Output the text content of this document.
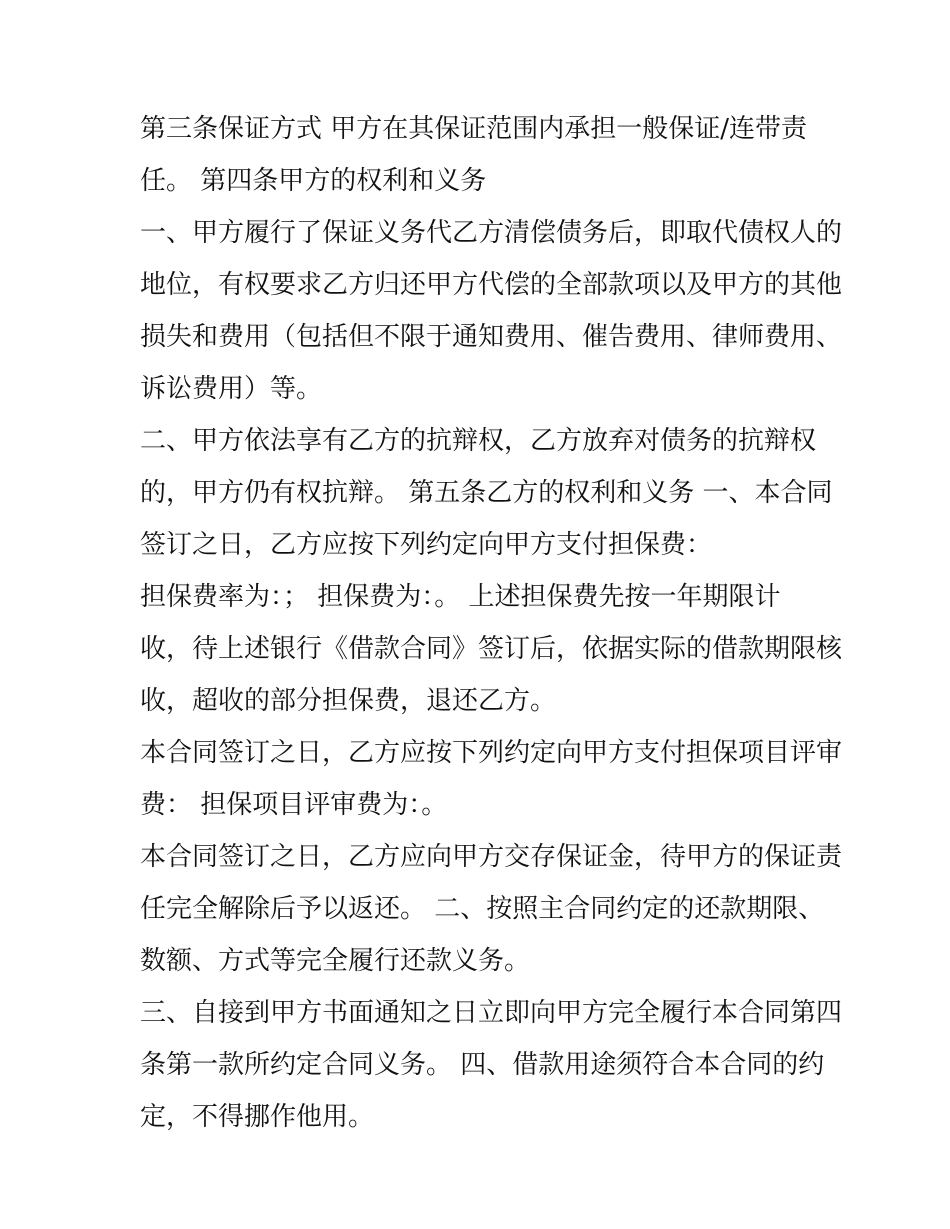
第三条保证方式 甲方在其保证范围内承担一般保证/连带责

任。 第四条甲方的权利和义务

一、甲方履行了保证义务代乙方清偿债务后，即取代债权人的

地位，有权要求乙方归还甲方代偿的全部款项以及甲方的其他

损失和费用（包括但不限于通知费用、催告费用、律师费用、

诉讼费用）等。

二、甲方依法享有乙方的抗辩权，乙方放弃对债务的抗辩权

的，甲方仍有权抗辩。 第五条乙方的权利和义务 一、本合同

签订之日，乙方应按下列约定向甲方支付担保费：

担保费率为：； 担保费为：。 上述担保费先按一年期限计

收，待上述银行《借款合同》签订后，依据实际的借款期限核

收，超收的部分担保费，退还乙方。

本合同签订之日，乙方应按下列约定向甲方支付担保项目评审

费： 担保项目评审费为：。

本合同签订之日，乙方应向甲方交存保证金，待甲方的保证责

任完全解除后予以返还。 二、按照主合同约定的还款期限、

数额、方式等完全履行还款义务。

三、自接到甲方书面通知之日立即向甲方完全履行本合同第四

条第一款所约定合同义务。 四、借款用途须符合本合同的约

定，不得挪作他用。
